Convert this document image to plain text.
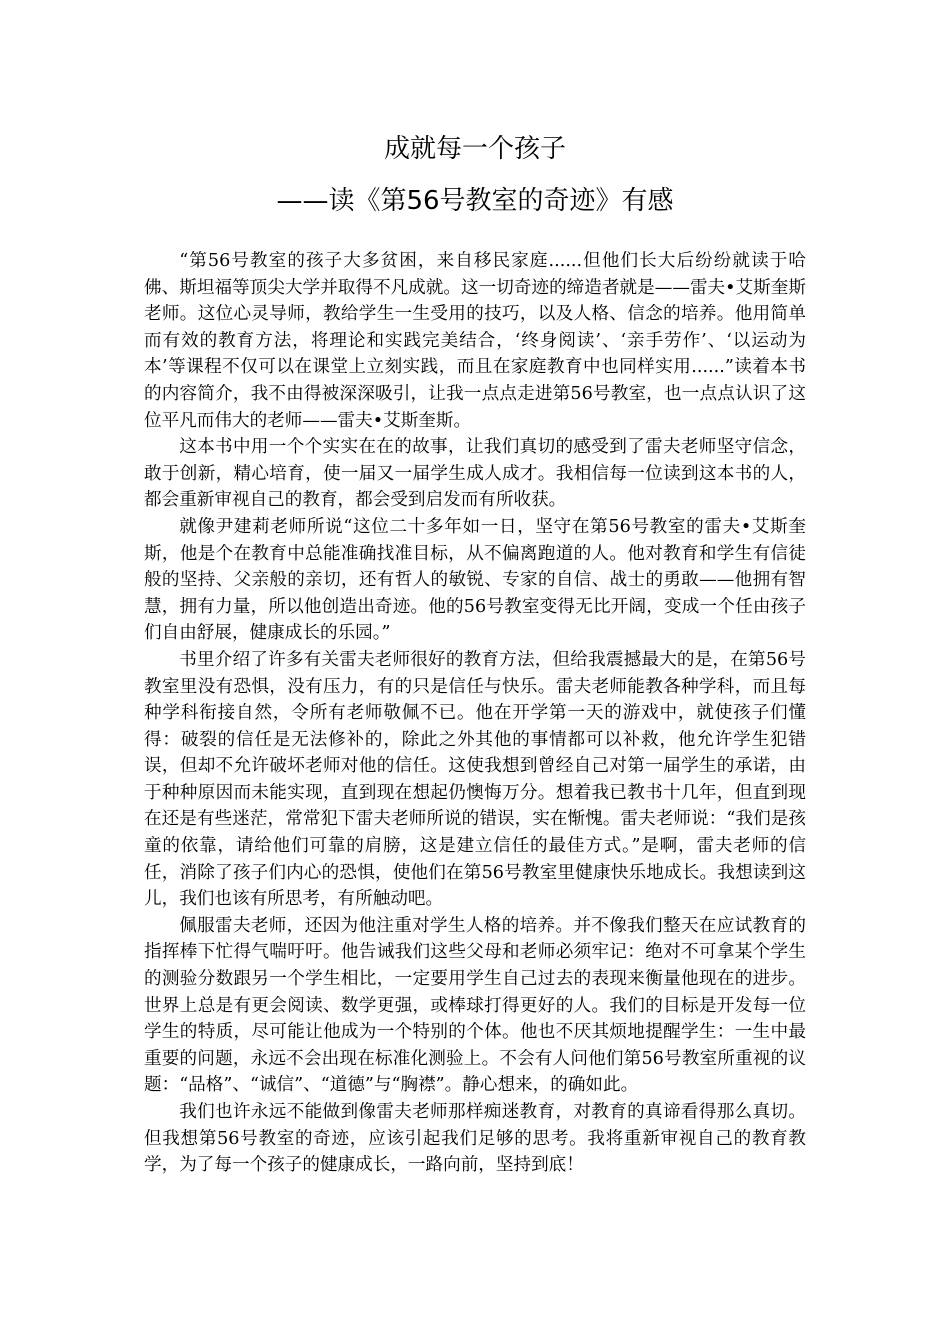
成就每一个孩子
——读《第56号教室的奇迹》有感

“第56号教室的孩子大多贫困，来自移民家庭......但他们长大后纷纷就读于哈佛、斯坦福等顶尖大学并取得不凡成就。这一切奇迹的缔造者就是——雷夫•艾斯奎斯老师。这位心灵导师，教给学生一生受用的技巧，以及人格、信念的培养。他用简单而有效的教育方法，将理论和实践完美结合，‘终身阅读’、‘亲手劳作’、‘以运动为本’等课程不仅可以在课堂上立刻实践，而且在家庭教育中也同样实用......”读着本书的内容简介，我不由得被深深吸引，让我一点点走进第56号教室，也一点点认识了这位平凡而伟大的老师——雷夫•艾斯奎斯。

这本书中用一个个实实在在的故事，让我们真切的感受到了雷夫老师坚守信念，敢于创新，精心培育，使一届又一届学生成人成才。我相信每一位读到这本书的人，都会重新审视自己的教育，都会受到启发而有所收获。

就像尹建莉老师所说“这位二十多年如一日，坚守在第56号教室的雷夫•艾斯奎斯，他是个在教育中总能准确找准目标，从不偏离跑道的人。他对教育和学生有信徒般的坚持、父亲般的亲切，还有哲人的敏锐、专家的自信、战士的勇敢——他拥有智慧，拥有力量，所以他创造出奇迹。他的56号教室变得无比开阔，变成一个任由孩子们自由舒展，健康成长的乐园。”

书里介绍了许多有关雷夫老师很好的教育方法，但给我震撼最大的是，在第56号教室里没有恐惧，没有压力，有的只是信任与快乐。雷夫老师能教各种学科，而且每种学科衔接自然，令所有老师敬佩不已。他在开学第一天的游戏中，就使孩子们懂得：破裂的信任是无法修补的，除此之外其他的事情都可以补救，他允许学生犯错误，但却不允许破坏老师对他的信任。这使我想到曾经自己对第一届学生的承诺，由于种种原因而未能实现，直到现在想起仍懊悔万分。想着我已教书十几年，但直到现在还是有些迷茫，常常犯下雷夫老师所说的错误，实在惭愧。雷夫老师说：“我们是孩童的依靠，请给他们可靠的肩膀，这是建立信任的最佳方式。”是啊，雷夫老师的信任，消除了孩子们内心的恐惧，使他们在第56号教室里健康快乐地成长。我想读到这儿，我们也该有所思考，有所触动吧。

佩服雷夫老师，还因为他注重对学生人格的培养。并不像我们整天在应试教育的指挥棒下忙得气喘吁吁。他告诫我们这些父母和老师必须牢记：绝对不可拿某个学生的测验分数跟另一个学生相比，一定要用学生自己过去的表现来衡量他现在的进步。世界上总是有更会阅读、数学更强，或棒球打得更好的人。我们的目标是开发每一位学生的特质，尽可能让他成为一个特别的个体。他也不厌其烦地提醒学生：一生中最重要的问题，永远不会出现在标准化测验上。不会有人问他们第56号教室所重视的议题：“品格”、“诚信”、“道德”与“胸襟”。静心想来，的确如此。

我们也许永远不能做到像雷夫老师那样痴迷教育，对教育的真谛看得那么真切。但我想第56号教室的奇迹，应该引起我们足够的思考。我将重新审视自己的教育教学，为了每一个孩子的健康成长，一路向前，坚持到底！
